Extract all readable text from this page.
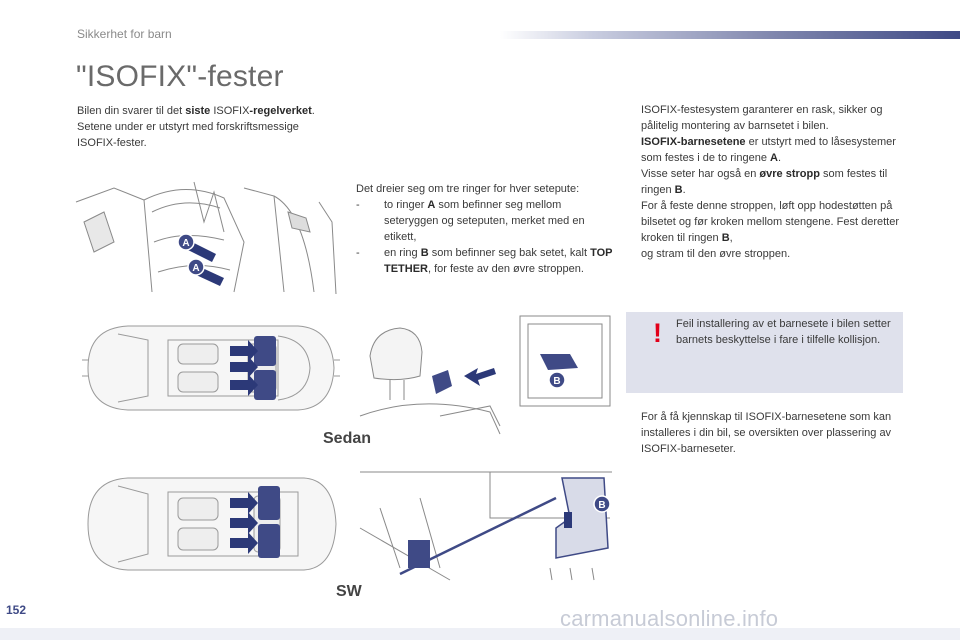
Sikkerhet for barn
"ISOFIX"-fester
Bilen din svarer til det siste ISOFIX-regelverket.
Setene under er utstyrt med forskriftsmessige ISOFIX-fester.
A
A
Det dreier seg om tre ringer for hver setepute:
-	to ringer A som befinner seg mellom seteryggen og seteputen, merket med en etikett,
-	en ring B som befinner seg bak setet, kalt TOP TETHER, for feste av den øvre stroppen.
ISOFIX-festesystem garanterer en rask, sikker og pålitelig montering av barnsetet i bilen.
ISOFIX-barnesetene er utstyrt med to låsesystemer som festes i de to ringene A.
Visse seter har også en øvre stropp som festes til ringen B.
For å feste denne stroppen, løft opp hodestøtten på bilsetet og før kroken mellom stengene. Fest deretter kroken til ringen B,
og stram til den øvre stroppen.
! Feil installering av et barnesete i bilen setter barnets beskyttelse i fare i tilfelle kollisjon.
For å få kjennskap til ISOFIX-barnesetene som kan installeres i din bil, se oversikten over plassering av ISOFIX-barneseter.
Sedan
B
SW
B
152	carmanualsonline.info
